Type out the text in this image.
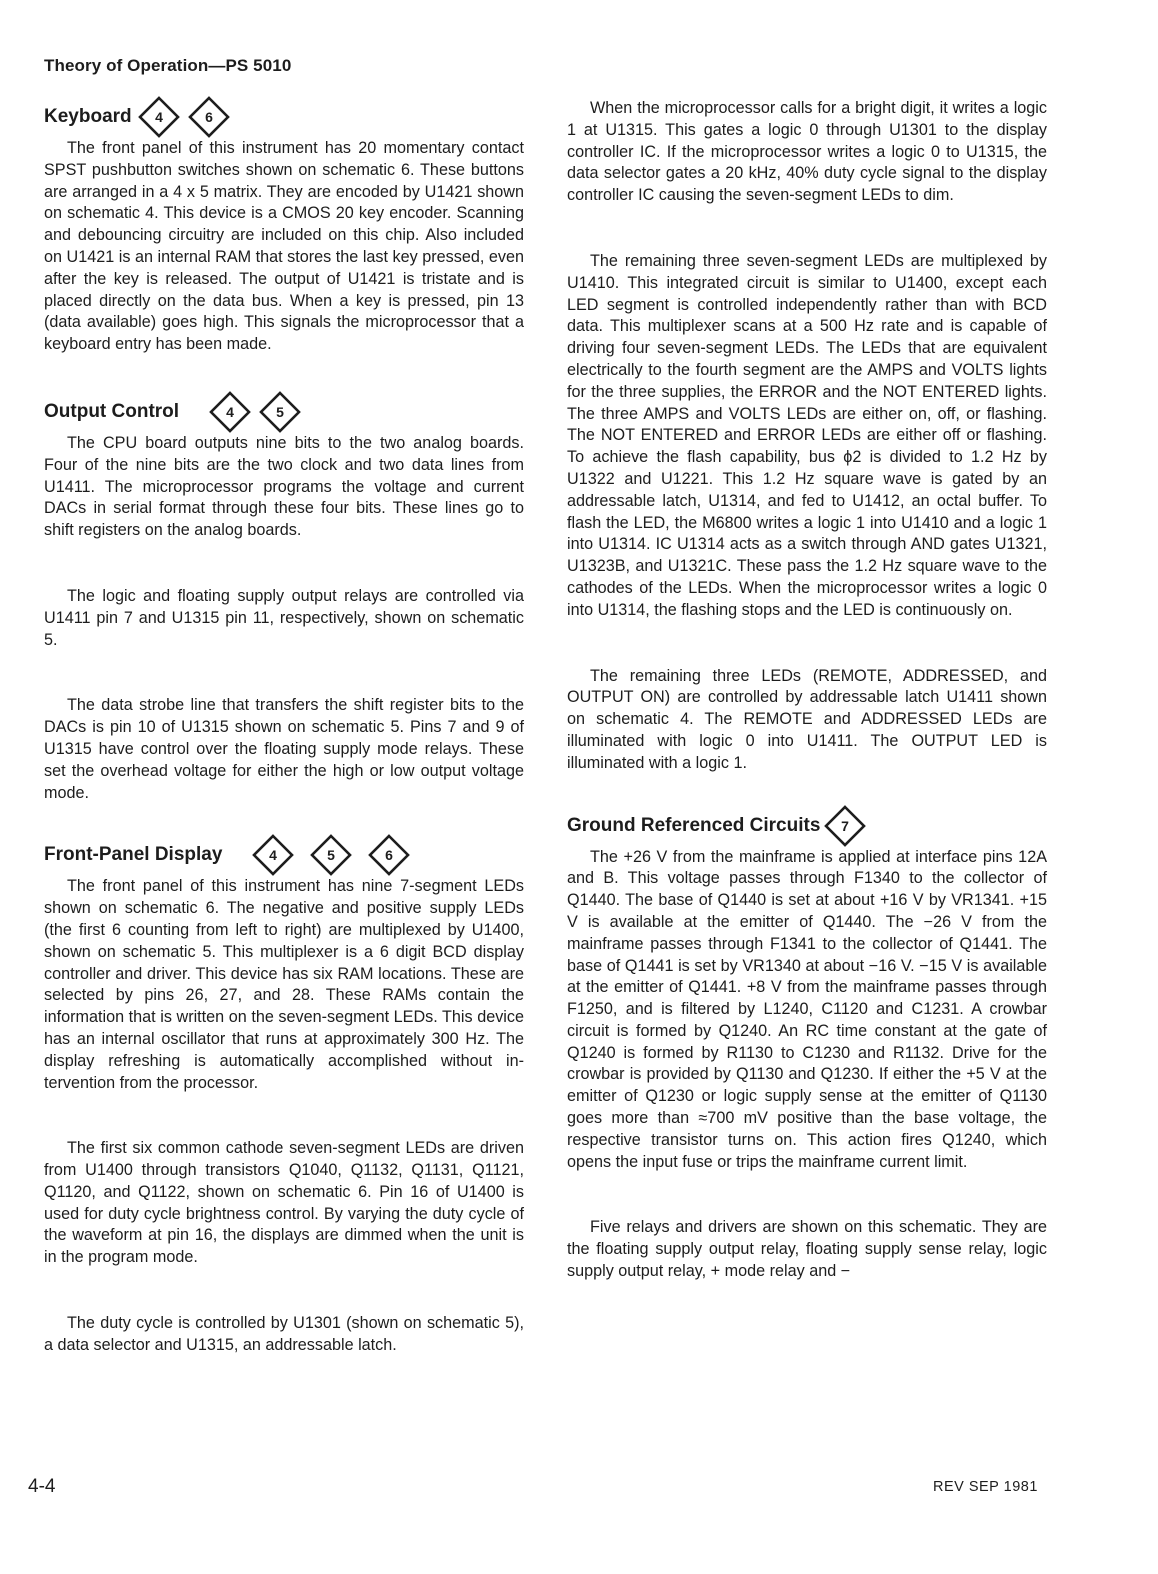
Theory of Operation—PS 5010
Keyboard 4	6

The front panel of this instrument has 20 momentary contact SPST pushbutton switches shown on schematic 6. These buttons are arranged in a 4 x 5 matrix. They are encoded by U1421 shown on schematic 4. This device is a CMOS 20 key encoder. Scanning and debouncing circuitry are included on this chip. Also included on U1421 is an internal RAM that stores the last key pressed, even after the key is released. The output of U1421 is tristate and is placed directly on the data bus. When a key is pressed, pin 13 (data available) goes high. This signals the microprocessor that a keyboard entry has been made.

Output Control	4	5

The CPU board outputs nine bits to the two analog boards. Four of the nine bits are the two clock and two data lines from U1411. The microprocessor programs the voltage and current DACs in serial format through these four bits. These lines go to shift registers on the analog boards.

The logic and floating supply output relays are controlled via U1411 pin 7 and U1315 pin 11, respectively, shown on schematic 5.

The data strobe line that transfers the shift register bits to the DACs is pin 10 of U1315 shown on schematic 5. Pins 7 and 9 of U1315 have control over the floating supply mode relays. These set the overhead voltage for either the high or low output voltage mode.

Front-Panel Display	4	5	6

The front panel of this instrument has nine 7-segment LEDs shown on schematic 6. The negative and positive supply LEDs (the first 6 counting from left to right) are multiplexed by U1400, shown on schematic 5. This multiplexer is a 6 digit BCD display controller and driver. This device has six RAM locations. These are selected by pins 26, 27, and 28. These RAMs contain the information that is written on the seven-segment LEDs. This device has an internal oscillator that runs at approximately 300 Hz. The display refreshing is automatically accomplished without intervention from the processor.

The first six common cathode seven-segment LEDs are driven from U1400 through transistors Q1040, Q1132, Q1131, Q1121, Q1120, and Q1122, shown on schematic 6. Pin 16 of U1400 is used for duty cycle brightness control. By varying the duty cycle of the waveform at pin 16, the displays are dimmed when the unit is in the program mode.

The duty cycle is controlled by U1301 (shown on schematic 5), a data selector and U1315, an addressable latch.

When the microprocessor calls for a bright digit, it writes a logic 1 at U1315. This gates a logic 0 through U1301 to the display controller IC. If the microprocessor writes a logic 0 to U1315, the data selector gates a 20 kHz, 40% duty cycle signal to the display controller IC causing the seven-segment LEDs to dim.

The remaining three seven-segment LEDs are multiplexed by U1410. This integrated circuit is similar to U1400, except each LED segment is controlled independently rather than with BCD data. This multiplexer scans at a 500 Hz rate and is capable of driving four seven-segment LEDs. The LEDs that are equivalent electrically to the fourth segment are the AMPS and VOLTS lights for the three supplies, the ERROR and the NOT ENTERED lights. The three AMPS and VOLTS LEDs are either on, off, or flashing. The NOT ENTERED and ERROR LEDs are either off or flashing. To achieve the flash capability, bus ϕ2 is divided to 1.2 Hz by U1322 and U1221. This 1.2 Hz square wave is gated by an addressable latch, U1314, and fed to U1412, an octal buffer. To flash the LED, the M6800 writes a logic 1 into U1410 and a logic 1 into U1314. IC U1314 acts as a switch through AND gates U1321, U1323B, and U1321C. These pass the 1.2 Hz square wave to the cathodes of the LEDs. When the microprocessor writes a logic 0 into U1314, the flashing stops and the LED is continuously on.

The remaining three LEDs (REMOTE, ADDRESSED, and OUTPUT ON) are controlled by addressable latch U1411 shown on schematic 4. The REMOTE and ADDRESSED LEDs are illuminated with logic 0 into U1411. The OUTPUT LED is illuminated with a logic 1.

Ground Referenced Circuits 7

The +26 V from the mainframe is applied at interface pins 12A and B. This voltage passes through F1340 to the collector of Q1440. The base of Q1440 is set at about +16 V by VR1341. +15 V is available at the emitter of Q1440. The −26 V from the mainframe passes through F1341 to the collector of Q1441. The base of Q1441 is set by VR1340 at about −16 V. −15 V is available at the emitter of Q1441. +8 V from the mainframe passes through F1250, and is filtered by L1240, C1120 and C1231. A crowbar circuit is formed by Q1240. An RC time constant at the gate of Q1240 is formed by R1130 to C1230 and R1132. Drive for the crowbar is provided by Q1130 and Q1230. If either the +5 V at the emitter of Q1230 or logic supply sense at the emitter of Q1130 goes more than ≈700 mV positive than the base voltage, the respective transistor turns on. This action fires Q1240, which opens the input fuse or trips the mainframe current limit.

Five relays and drivers are shown on this schematic. They are the floating supply output relay, floating supply sense relay, logic supply output relay, + mode relay and −

4-4	REV SEP 1981
